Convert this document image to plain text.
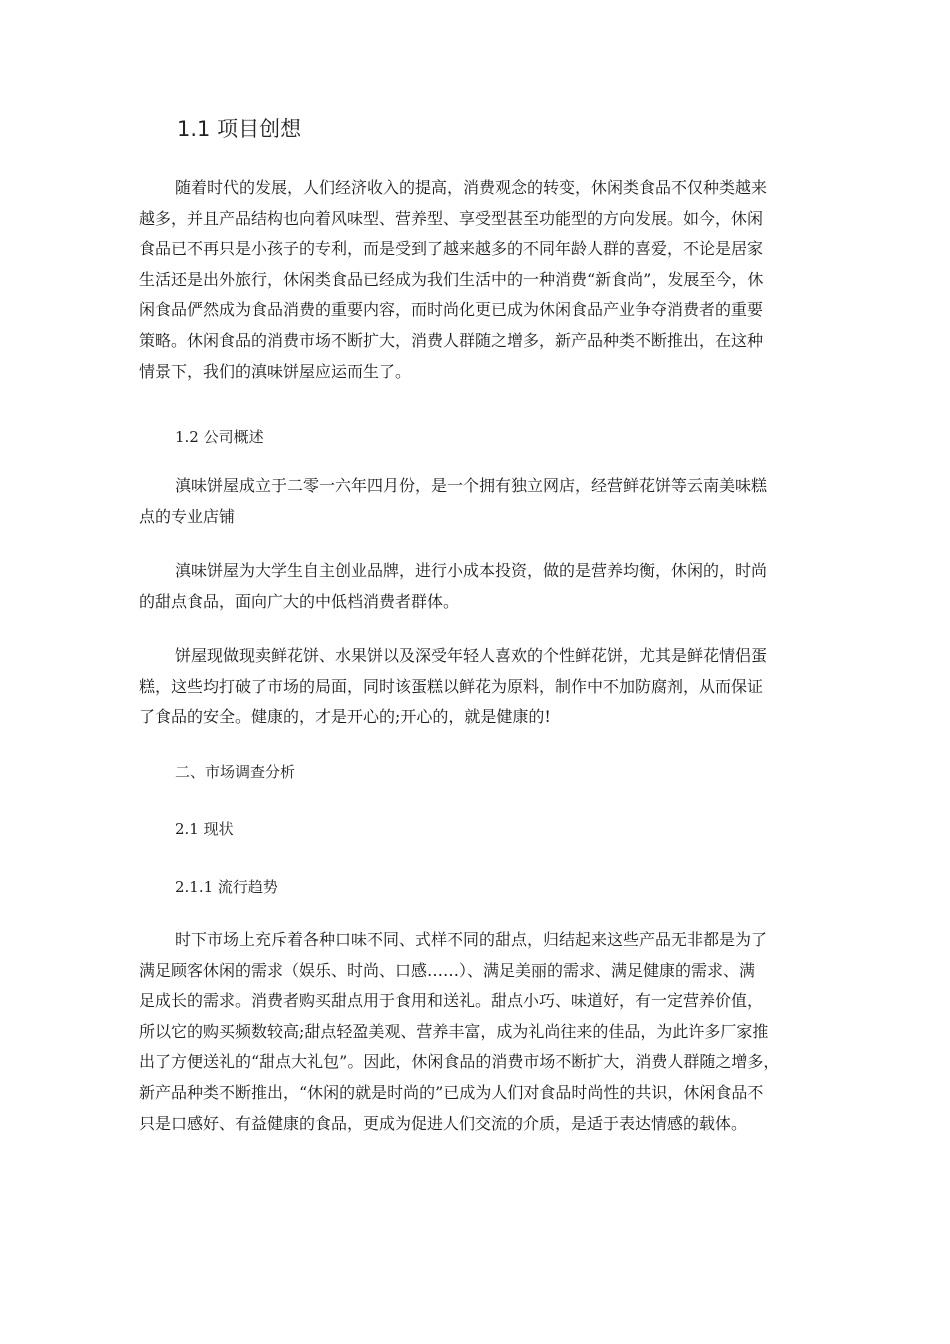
1.1 项目创想

随着时代的发展，人们经济收入的提高，消费观念的转变，休闲类食品不仅种类越来
越多，并且产品结构也向着风味型、营养型、享受型甚至功能型的方向发展。如今，休闲
食品已不再只是小孩子的专利，而是受到了越来越多的不同年龄人群的喜爱，不论是居家
生活还是出外旅行，休闲类食品已经成为我们生活中的一种消费“新食尚”，发展至今，休
闲食品俨然成为食品消费的重要内容，而时尚化更已成为休闲食品产业争夺消费者的重要
策略。休闲食品的消费市场不断扩大，消费人群随之增多，新产品种类不断推出，在这种
情景下，我们的滇味饼屋应运而生了。

1.2 公司概述

滇味饼屋成立于二零一六年四月份，是一个拥有独立网店，经营鲜花饼等云南美味糕
点的专业店铺

滇味饼屋为大学生自主创业品牌，进行小成本投资，做的是营养均衡，休闲的，时尚
的甜点食品，面向广大的中低档消费者群体。

饼屋现做现卖鲜花饼、水果饼以及深受年轻人喜欢的个性鲜花饼，尤其是鲜花情侣蛋
糕，这些均打破了市场的局面，同时该蛋糕以鲜花为原料，制作中不加防腐剂，从而保证
了食品的安全。健康的，才是开心的;开心的，就是健康的!

二、市场调查分析
2.1 现状
2.1.1 流行趋势

时下市场上充斥着各种口味不同、式样不同的甜点，归结起来这些产品无非都是为了
满足顾客休闲的需求（娱乐、时尚、口感……）、满足美丽的需求、满足健康的需求、满
足成长的需求。消费者购买甜点用于食用和送礼。甜点小巧、味道好，有一定营养价值，
所以它的购买频数较高;甜点轻盈美观、营养丰富，成为礼尚往来的佳品，为此许多厂家推
出了方便送礼的“甜点大礼包”。因此，休闲食品的消费市场不断扩大，消费人群随之增多，
新产品种类不断推出，“休闲的就是时尚的”已成为人们对食品时尚性的共识，休闲食品不
只是口感好、有益健康的食品，更成为促进人们交流的介质，是适于表达情感的载体。
